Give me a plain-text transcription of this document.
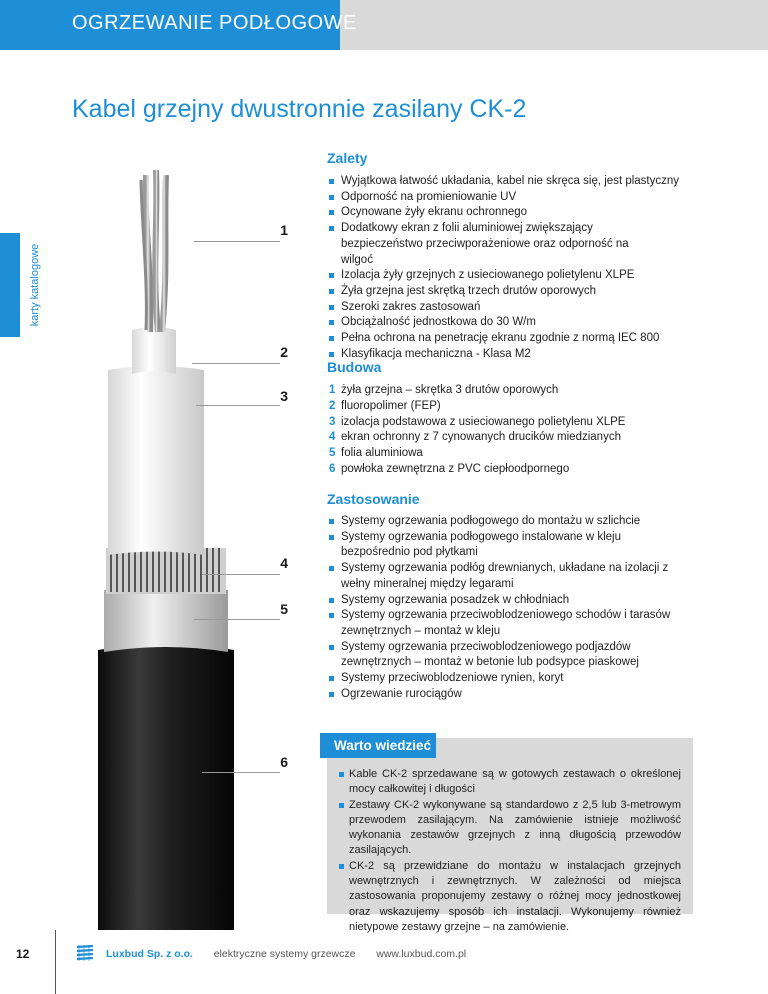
OGRZEWANIE PODŁOGOWE
karty katalogowe
Kabel grzejny dwustronnie zasilany CK-2
1
2
3
4
5
6
Zalety
Wyjątkowa łatwość układania, kabel nie skręca się, jest plastyczny
Odporność na promieniowanie UV
Ocynowane żyły ekranu ochronnego
Dodatkowy ekran z folii aluminiowej zwiększający bezpieczeństwo przeciwporażeniowe oraz odporność na wilgoć
Izolacja żyły grzejnych z usieciowanego polietylenu XLPE
Żyła grzejna jest skrętką trzech drutów oporowych
Szeroki zakres zastosowań
Obciążalność jednostkowa do 30 W/m
Pełna ochrona na penetrację ekranu zgodnie z normą IEC 800
Klasyfikacja mechaniczna - Klasa M2
Budowa
1 żyła grzejna – skrętka 3 drutów oporowych
2 fluoropolimer (FEP)
3 izolacja podstawowa z usieciowanego polietylenu XLPE
4 ekran ochronny z 7 cynowanych drucików miedzianych
5 folia aluminiowa
6 powłoka zewnętrzna z PVC ciepłoodpornego
Zastosowanie
Systemy ogrzewania podłogowego do montażu w szlichcie
Systemy ogrzewania podłogowego instalowane w kleju bezpośrednio pod płytkami
Systemy ogrzewania podłóg drewnianych, układane na izolacji z wełny mineralnej między legarami
Systemy ogrzewania posadzek w chłodniach
Systemy ogrzewania przeciwoblodzeniowego schodów i tarasów zewnętrznych – montaż w kleju
Systemy ogrzewania przeciwoblodzeniowego podjazdów zewnętrznych – montaż w betonie lub podsypce piaskowej
Systemy przeciwoblodzeniowe rynien, koryt
Ogrzewanie rurociągów
Warto wiedzieć
Kable CK-2 sprzedawane są w gotowych zestawach o określonej mocy całkowitej i długości
Zestawy CK-2 wykonywane są standardowo z 2,5 lub 3-metrowym przewodem zasilającym. Na zamówienie istnieje możliwość wykonania zestawów grzejnych z inną długością przewodów zasilających.
CK-2 są przewidziane do montażu w instalacjach grzejnych wewnętrznych i zewnętrznych. W zależności od miejsca zastosowania proponujemy zestawy o różnej mocy jednostkowej oraz wskazujemy sposób ich instalacji. Wykonujemy również nietypowe zestawy grzejne – na zamówienie.
12	Luxbud Sp. z o.o. elektryczne systemy grzewcze www.luxbud.com.pl
